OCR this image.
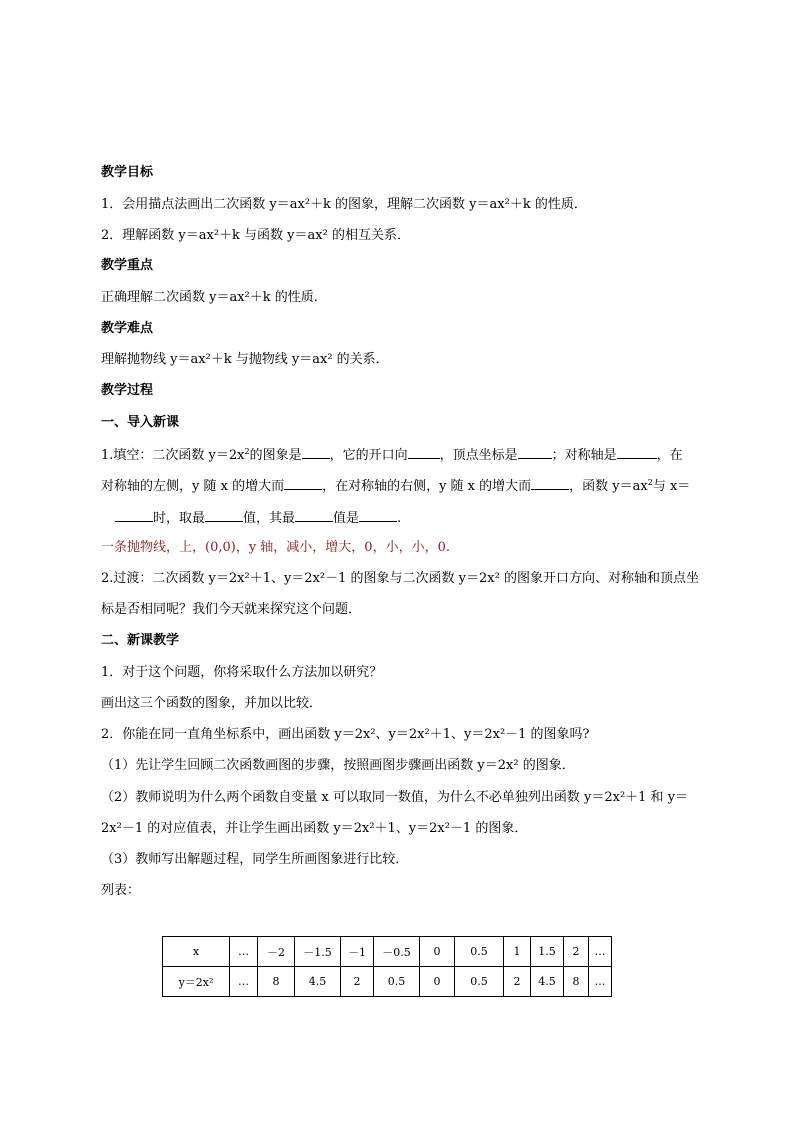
教学目标
1．会用描点法画出二次函数 y＝ax²＋k 的图象，理解二次函数 y＝ax²＋k 的性质．
2．理解函数 y＝ax²＋k 与函数 y＝ax² 的相互关系．
教学重点
正确理解二次函数 y＝ax²＋k 的性质．
教学难点
理解抛物线 y＝ax²＋k 与抛物线 y＝ax² 的关系．
教学过程
一、导入新课
1.填空：二次函数 $y=2x^2$的图象是 ，它的开口向 ，顶点坐标是	；对称轴是	，在
对称轴的左侧，y 随 x 的增大而	，在对称轴的右侧，y 随 x 的增大而	，函数 $y=ax^2$与 x＝
时，取最	值，其最	值是	.
一条抛物线，上，(0,0)，y 轴，减小，增大，0，小，小，0.
2.过渡：二次函数 y＝2x²＋1、y＝2x²－1 的图象与二次函数 y＝2x² 的图象开口方向、对称轴和顶点坐
标是否相同呢？我们今天就来探究这个问题．
二、新课教学
1．对于这个问题，你将采取什么方法加以研究？
画出这三个函数的图象，并加以比较．
2．你能在同一直角坐标系中，画出函数 y＝2x²、y＝2x²＋1、y＝2x²－1 的图象吗?
（1）先让学生回顾二次函数画图的步骤，按照画图步骤画出函数 y＝2x² 的图象．
（2）教师说明为什么两个函数自变量 x 可以取同一数值，为什么不必单独列出函数 y＝2x²＋1 和 y＝
2x²－1 的对应值表，并让学生画出函数 y＝2x²＋1、y＝2x²－1 的图象．
（3）教师写出解题过程，同学生所画图象进行比较．
列表：
x	…	－2	－1.5	－1	－0.5	0	0.5	1	1.5	2	…
y＝2x²	…	8	4.5	2	0.5	0	0.5	2	4.5	8	…
